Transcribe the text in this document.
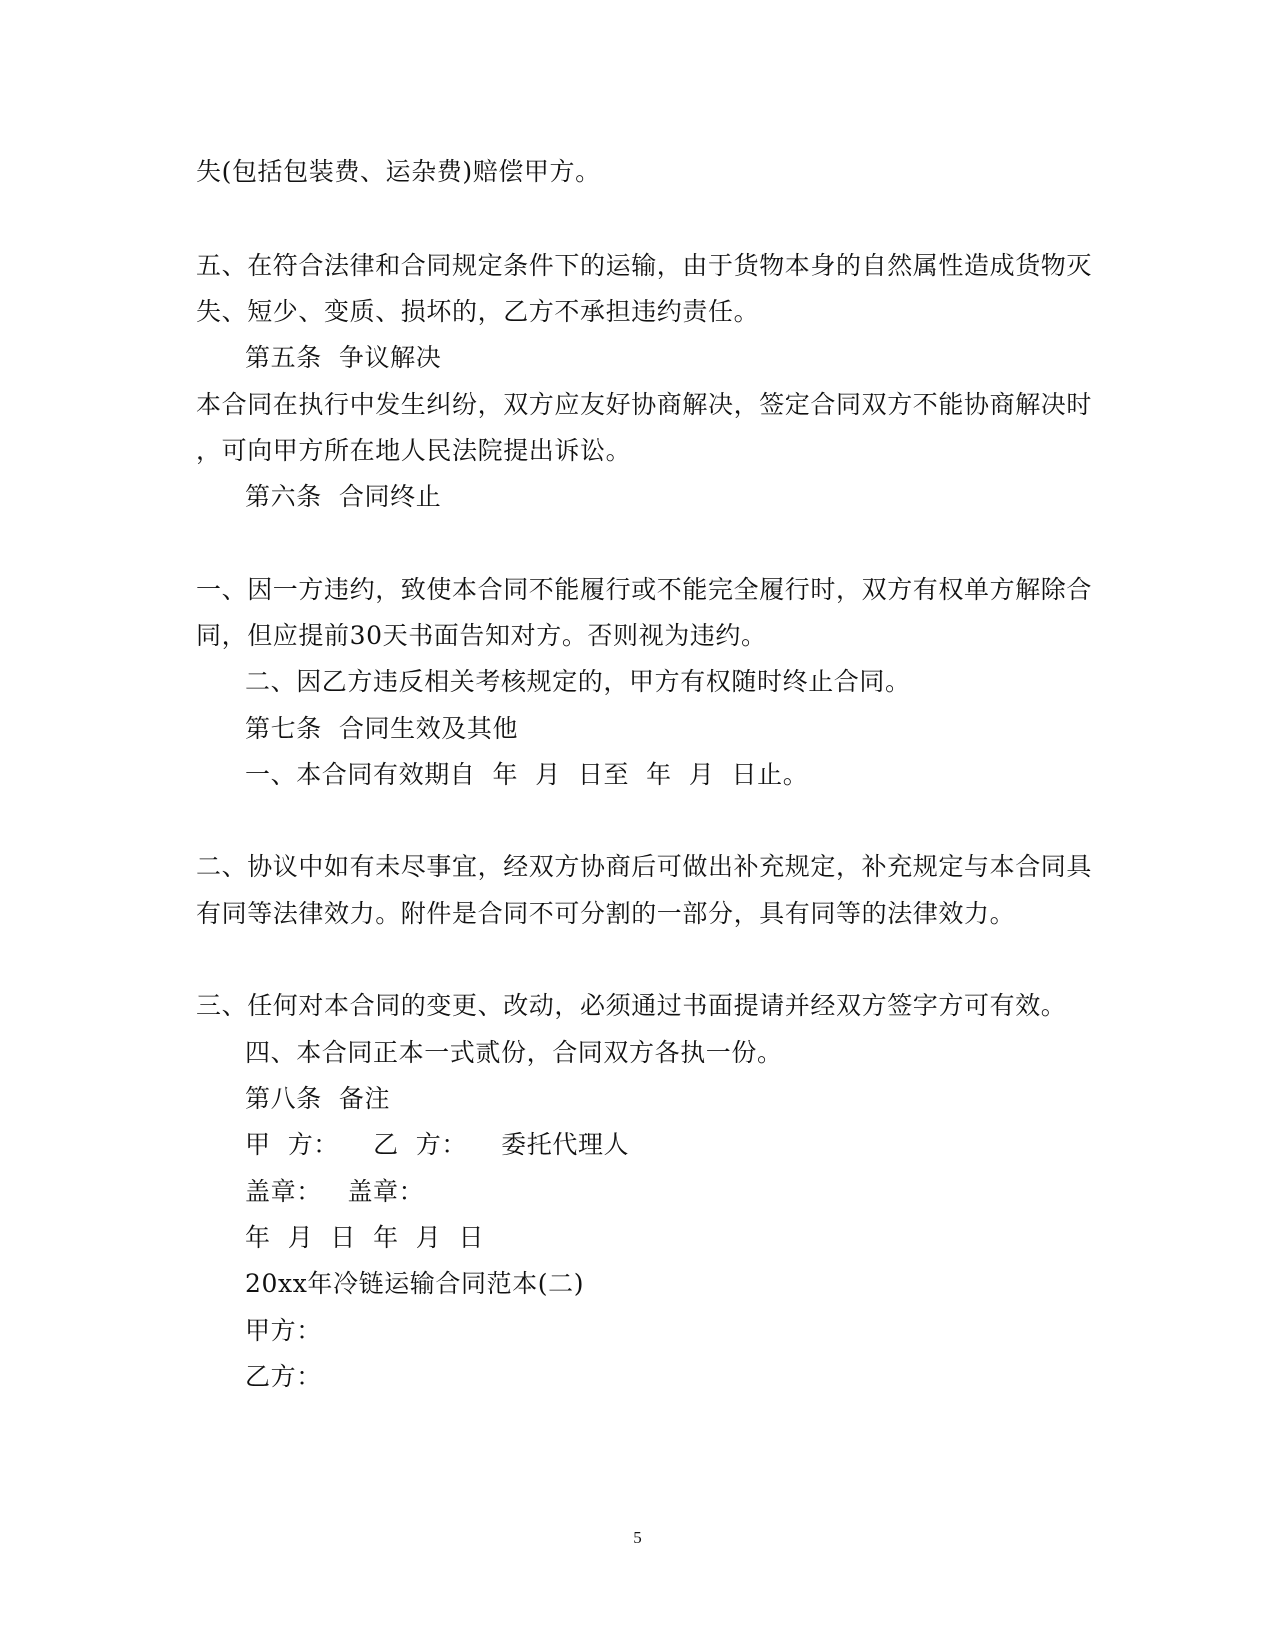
失(包括包装费、运杂费)赔偿甲方。
五、在符合法律和合同规定条件下的运输，由于货物本身的自然属性造成货物灭
失、短少、变质、损坏的，乙方不承担违约责任。
第五条  争议解决
本合同在执行中发生纠纷，双方应友好协商解决，签定合同双方不能协商解决时
，可向甲方所在地人民法院提出诉讼。
第六条  合同终止
一、因一方违约，致使本合同不能履行或不能完全履行时，双方有权单方解除合
同，但应提前30天书面告知对方。否则视为违约。
二、因乙方违反相关考核规定的，甲方有权随时终止合同。
第七条  合同生效及其他
一、本合同有效期自  年  月  日至  年  月  日止。
二、协议中如有未尽事宜，经双方协商后可做出补充规定，补充规定与本合同具
有同等法律效力。附件是合同不可分割的一部分，具有同等的法律效力。
三、任何对本合同的变更、改动，必须通过书面提请并经双方签字方可有效。
四、本合同正本一式贰份，合同双方各执一份。
第八条  备注
甲  方：    乙  方：    委托代理人
盖章：   盖章：
年  月  日  年  月  日
20xx年冷链运输合同范本(二)
甲方：
乙方：
5
